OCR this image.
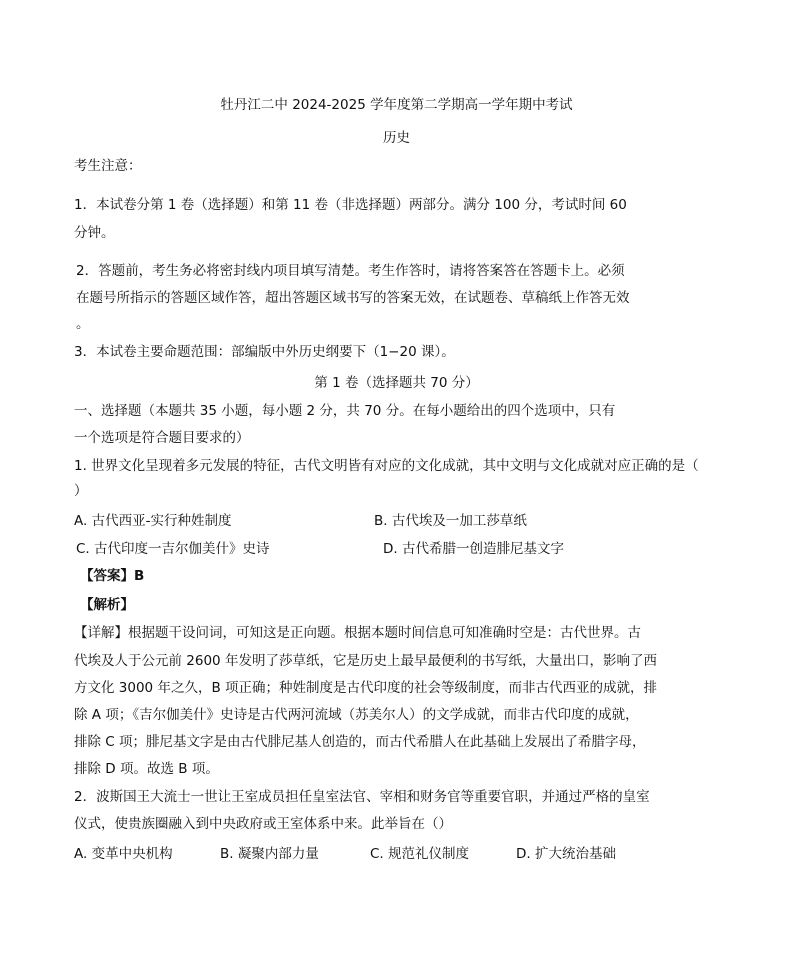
牡丹江二中 2024-2025 学年度第二学期高一学年期中考试
历史
考生注意：
1．本试卷分第 1 卷（选择题）和第 11 卷（非选择题）两部分。满分 100 分，考试时间 60
分钟。
2．答题前，考生务必将密封线内项目填写清楚。考生作答时，请将答案答在答题卡上。必须
在题号所指示的答题区域作答，超出答题区域书写的答案无效，在试题卷、草稿纸上作答无效
。
3．本试卷主要命题范围：部编版中外历史纲要下（1−20 课）。
第 1 卷（选择题共 70 分）
一、选择题（本题共 35 小题，每小题 2 分，共 70 分。在每小题给出的四个选项中，只有
一个选项是符合题目要求的）
1. 世界文化呈现着多元发展的特征，古代文明皆有对应的文化成就，其中文明与文化成就对应正确的是（
）
A. 古代西亚-实行种姓制度	B. 古代埃及一加工莎草纸
C. 古代印度一吉尔伽美什》史诗	D. 古代希腊一创造腓尼基文字
【答案】B
【解析】
【详解】根据题干设问词，可知这是正向题。根据本题时间信息可知准确时空是：古代世界。古
代埃及人于公元前 2600 年发明了莎草纸，它是历史上最早最便利的书写纸，大量出口，影响了西
方文化 3000 年之久，B 项正确；种姓制度是古代印度的社会等级制度，而非古代西亚的成就，排
除 A 项；《吉尔伽美什》史诗是古代两河流域（苏美尔人）的文学成就，而非古代印度的成就，
排除 C 项；腓尼基文字是由古代腓尼基人创造的，而古代希腊人在此基础上发展出了希腊字母，
排除 D 项。故选 B 项。
2．波斯国王大流士一世让王室成员担任皇室法官、宰相和财务官等重要官职，并通过严格的皇室
仪式，使贵族圈融入到中央政府或王室体系中来。此举旨在（）
A. 变革中央机构	B. 凝聚内部力量	C. 规范礼仪制度	D. 扩大统治基础
